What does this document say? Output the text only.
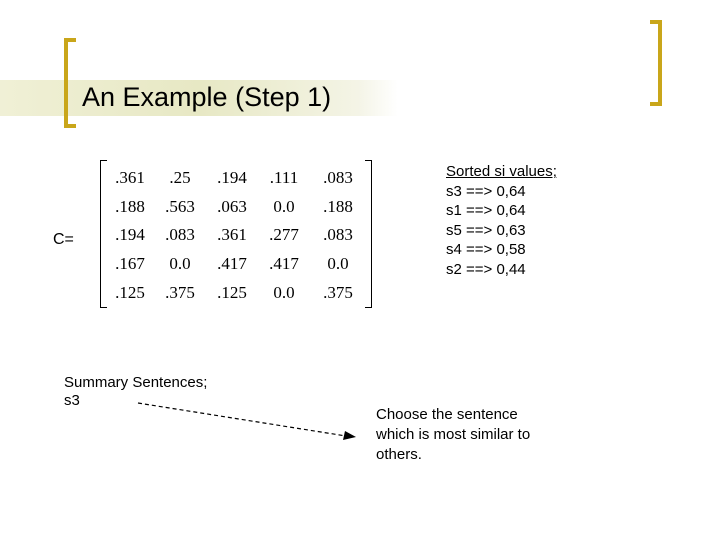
An Example (Step 1)
C=
.361	.25	.194	.111	.083
.188	.563	.063	0.0	.188
.194	.083	.361	.277	.083
.167	0.0	.417	.417	0.0
.125	.375	.125	0.0	.375
Sorted si values;
s3 ==> 0,64
s1 ==> 0,64
s5 ==> 0,63
s4 ==> 0,58
s2 ==> 0,44
Summary Sentences;
s3
Choose the sentence
which is most similar to
others.
